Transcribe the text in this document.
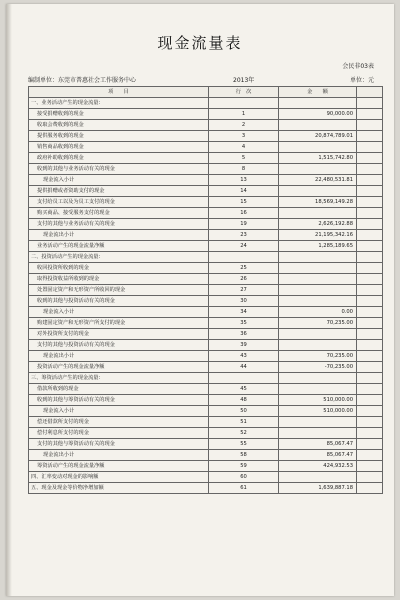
现金流量表
会民非03表
编制单位：东莞市普惠社会工作服务中心	2013年	单位：元
项　　目	行　次	金　　额	
一、业务活动产生的现金流量：			
接受捐赠收到的现金	1	90,000.00	
收取会费收到的现金	2		
提供服务收到的现金	3	20,874,789.01	
销售商品收到的现金	4		
政府补助收到的现金	5	1,515,742.80	
收到的其他与业务活动有关的现金	8		
现金流入小计	13	22,480,531.81	
提供捐赠或者资助支付的现金	14		
支付给员工以及为员工支付的现金	15	18,569,149.28	
购买商品、接受服务支付的现金	16		
支付的其他与业务活动有关的现金	19	2,626,192.88	
现金流出小计	23	21,195,342.16	
业务活动产生的现金流量净额	24	1,285,189.65	
二、投资活动产生的现金流量：			
收回投资所收到的现金	25		
取得投资收益所收到的现金	26		
处置固定资产和无形资产所收回的现金	27		
收到的其他与投资活动有关的现金	30		
现金流入小计	34	0.00	
购建固定资产和无形资产所支付的现金	35	70,235.00	
对外投资所支付的现金	36		
支付的其他与投资活动有关的现金	39		
现金流出小计	43	70,235.00	
投资活动产生的现金流量净额	44	-70,235.00	
三、筹资活动产生的现金流量：			
借款所收到的现金	45		
收到的其他与筹资活动有关的现金	48	510,000.00	
现金流入小计	50	510,000.00	
偿还借款所支付的现金	51		
偿付利息所支付的现金	52		
支付的其他与筹资活动有关的现金	55	85,067.47	
现金流出小计	58	85,067.47	
筹资活动产生的现金流量净额	59	424,932.53	
四、汇率变动对现金的影响额	60		
五、现金及现金等价物净增加额	61	1,639,887.18	
